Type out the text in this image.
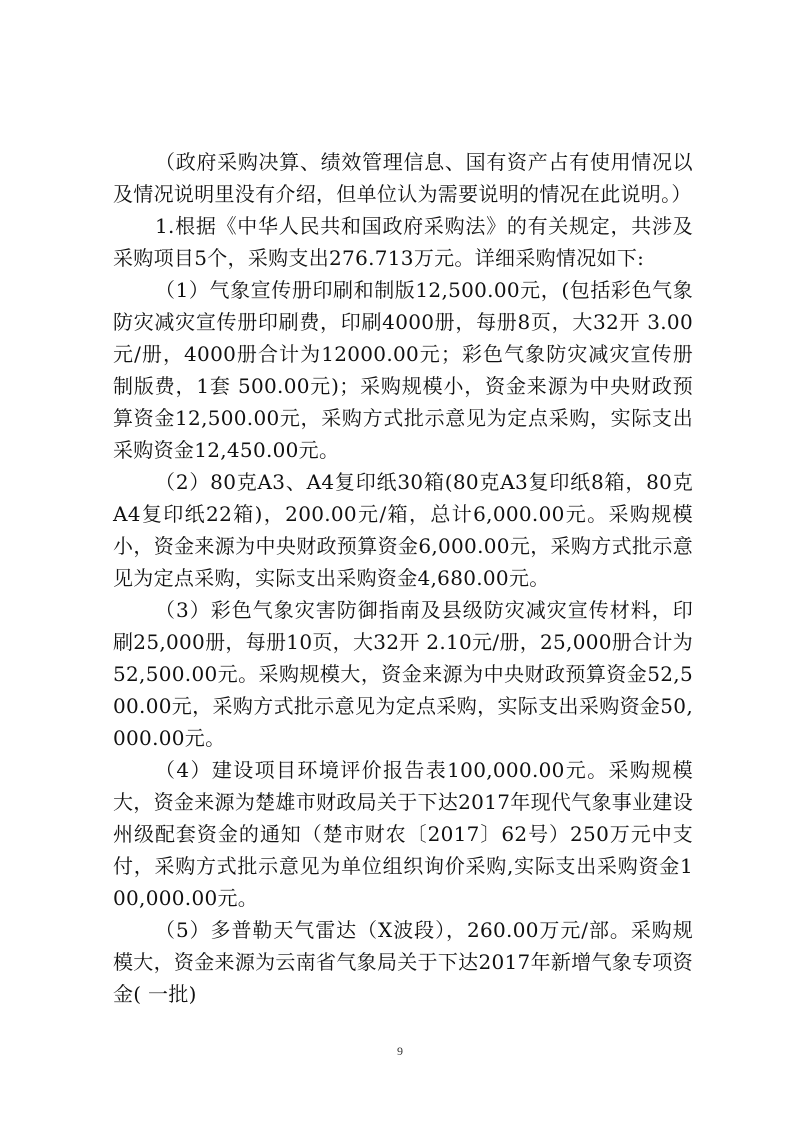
（政府采购决算、绩效管理信息、国有资产占有使用情况以及情况说明里没有介绍，但单位认为需要说明的情况在此说明。）

1.根据《中华人民共和国政府采购法》的有关规定，共涉及采购项目5个，采购支出276.713万元。详细采购情况如下:

（1）气象宣传册印刷和制版12,500.00元，(包括彩色气象防灾减灾宣传册印刷费，印刷4000册，每册8页，大32开 3.00元/册，4000册合计为12000.00元；彩色气象防灾减灾宣传册制版费，1套 500.00元)；采购规模小，资金来源为中央财政预算资金12,500.00元，采购方式批示意见为定点采购，实际支出采购资金12,450.00元。

（2）80克A3、A4复印纸30箱(80克A3复印纸8箱，80克A4复印纸22箱)，200.00元/箱，总计6,000.00元。采购规模小，资金来源为中央财政预算资金6,000.00元，采购方式批示意见为定点采购，实际支出采购资金4,680.00元。

（3）彩色气象灾害防御指南及县级防灾减灾宣传材料，印刷25,000册，每册10页，大32开 2.10元/册，25,000册合计为52,500.00元。采购规模大，资金来源为中央财政预算资金52,500.00元，采购方式批示意见为定点采购，实际支出采购资金50,000.00元。

（4）建设项目环境评价报告表100,000.00元。采购规模大，资金来源为楚雄市财政局关于下达2017年现代气象事业建设州级配套资金的通知（楚市财农〔2017〕62号）250万元中支付，采购方式批示意见为单位组织询价采购,实际支出采购资金100,000.00元。

（5）多普勒天气雷达（X波段），260.00万元/部。采购规模大，资金来源为云南省气象局关于下达2017年新增气象专项资金( 一批)

9
